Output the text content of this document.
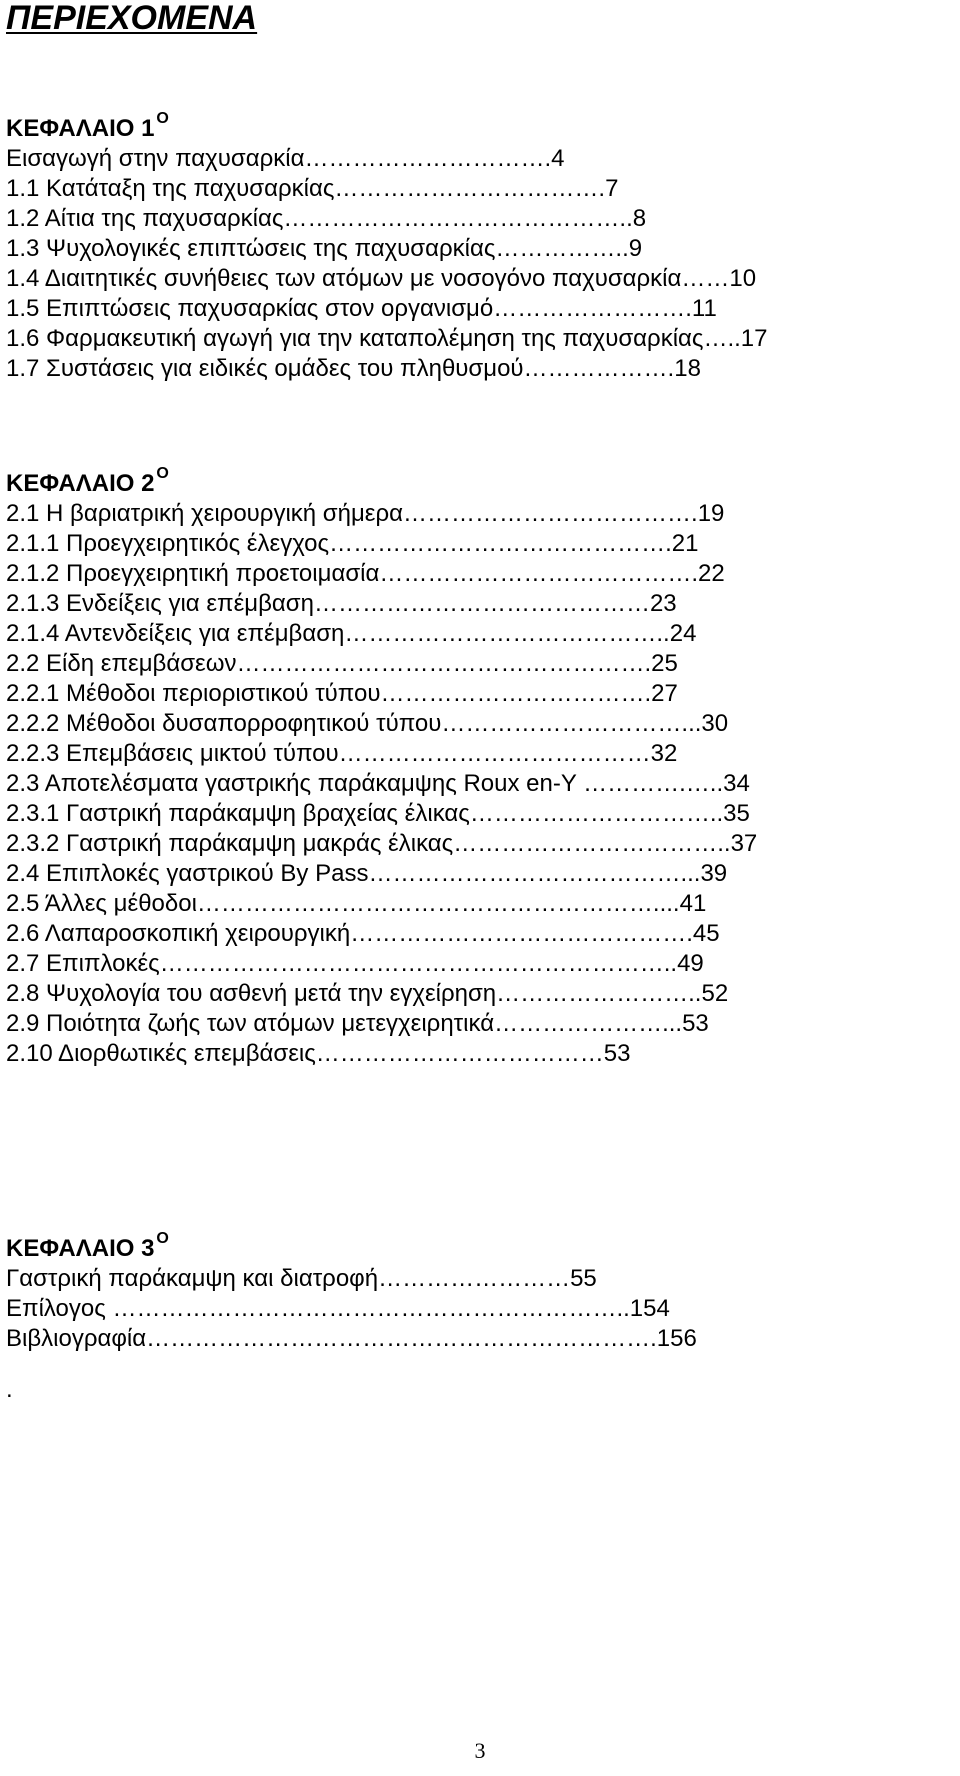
ΠΕΡΙΕΧΟΜΕΝΑ
ΚΕΦΑΛΑΙΟ 1 $^O$
Εισαγωγή στην παχυσαρκία………………………….4
1.1 Κατάταξη της παχυσαρκίας…………………………….7
1.2 Αίτια της παχυσαρκίας……………………………………..8
1.3 Ψυχολογικές επιπτώσεις της παχυσαρκίας……………..9
1.4 Διαιτητικές συνήθειες των ατόμων με νοσογόνο παχυσαρκία……10
1.5 Επιπτώσεις παχυσαρκίας στον οργανισμό…………………….11
1.6 Φαρμακευτική αγωγή για την καταπολέμηση της παχυσαρκίας…..17
1.7 Συστάσεις για ειδικές ομάδες του πληθυσμού……………….18
ΚΕΦΑΛΑΙΟ 2 $^O$
2.1 Η βαριατρική χειρουργική σήμερα……………………………….19
2.1.1 Προεγχειρητικός έλεγχος…………………………………….21
2.1.2 Προεγχειρητική προετοιμασία………………………………….22
2.1.3 Ενδείξεις για επέμβαση……………………………………23
2.1.4 Αντενδείξεις για επέμβαση…………………………………..24
2.2 Είδη επεμβάσεων…………………………………………….25
2.2.1 Μέθοδοι περιοριστικού τύπου…………………………….27
2.2.2 Μέθοδοι δυσαπορροφητικού τύπου…………………………...30
2.2.3 Επεμβάσεις μικτού τύπου…………………………………32
2.3 Αποτελέσματα γαστρικής παράκαμψης Roux en-Y ………….…..34
2.3.1 Γαστρική παράκαμψη βραχείας έλικας…………………………..35
2.3.2 Γαστρική παράκαμψη μακράς έλικας……………………………..37
2.4 Επιπλοκές γαστρικού By Pass…………………………………...39
2.5 Άλλες μέθοδοι…………………………………………………....41
2.6 Λαπαροσκοπική χειρουργική…………………………………….45
2.7 Επιπλοκές………………………………………………………..49
2.8 Ψυχολογία του ασθενή μετά την εγχείρηση……………………..52
2.9 Ποιότητα ζωής των ατόμων μετεγχειρητικά…………………...53
2.10 Διορθωτικές επεμβάσεις………………………………53
ΚΕΦΑΛΑΙΟ 3 $^O$
Γαστρική παράκαμψη και διατροφή……………………55
Επίλογος ………………………………………………………..154
Βιβλιογραφία……………………………………………………….156
.
3
